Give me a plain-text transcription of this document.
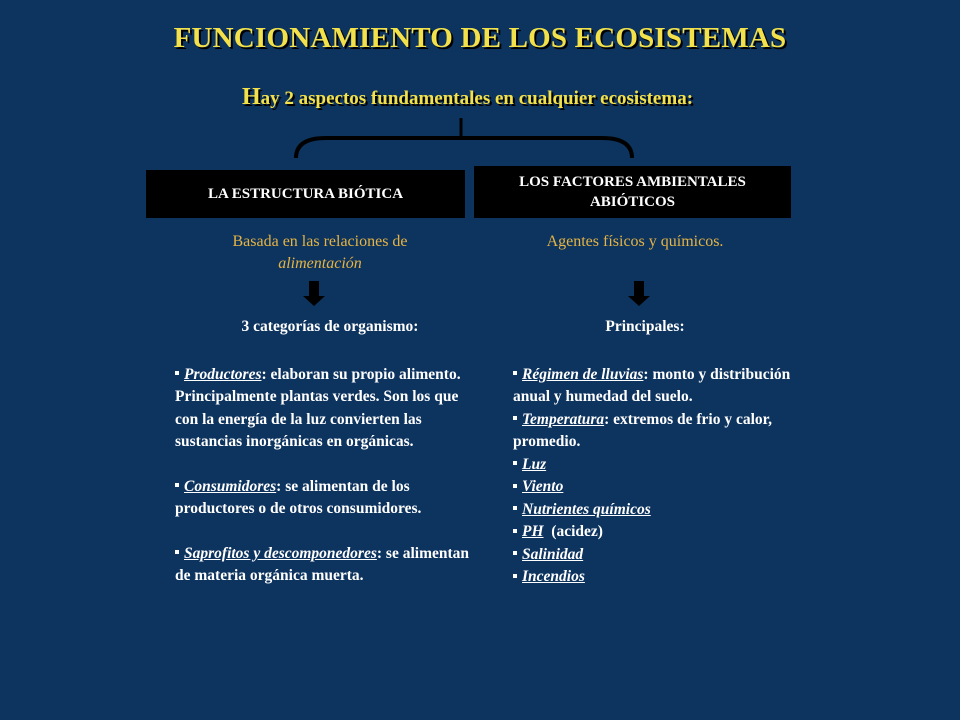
FUNCIONAMIENTO DE LOS ECOSISTEMAS
Hay 2 aspectos fundamentales en cualquier ecosistema:
LA ESTRUCTURA BIÓTICA
LOS FACTORES AMBIENTALES
ABIÓTICOS
Basada en las relaciones de
alimentación
Agentes físicos y químicos.
3 categorías de organismo:	Principales:
Productores: elaboran su propio alimento. Principalmente plantas verdes. Son los que con la energía de la luz convierten las sustancias inorgánicas en orgánicas.
Consumidores: se alimentan de los productores o de otros consumidores.
Saprofitos y descomponedores: se alimentan de materia orgánica muerta.
Régimen de lluvias: monto y distribución anual y humedad del suelo.
Temperatura: extremos de frio y calor, promedio.
Luz
Viento
Nutrientes químicos
PH  (acidez)
Salinidad
Incendios
